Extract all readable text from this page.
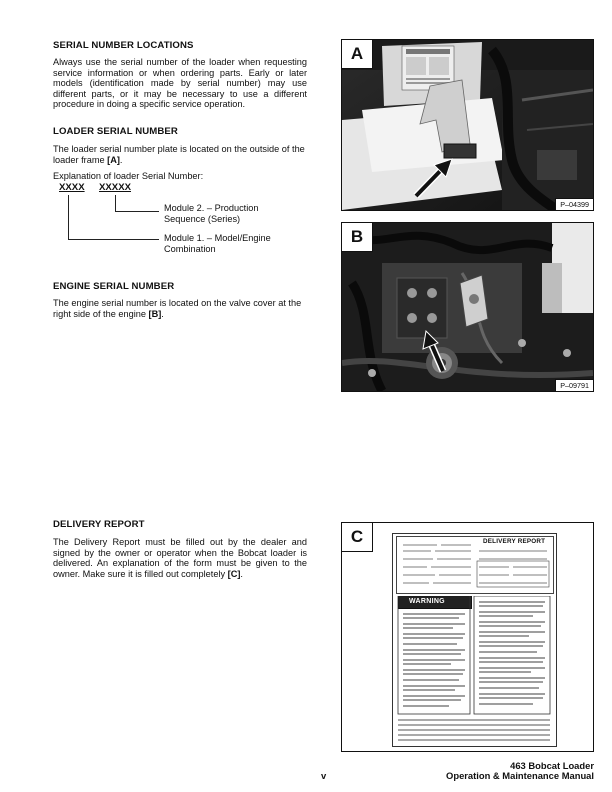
SERIAL NUMBER LOCATIONS
Always use the serial number of the loader when requesting service information or when ordering parts. Early or later models (identification made by serial number) may use different parts, or it may be necessary to use a different procedure in doing a specific service operation.
LOADER SERIAL NUMBER
The loader serial number plate is located on the outside of the loader frame [A].
Explanation of loader Serial Number:
XXXX XXXXX
Module 2. – Production
Sequence (Series)
Module 1. – Model/Engine
Combination
ENGINE SERIAL NUMBER
The engine serial number is located on the valve cover at the right side of the engine [B].
DELIVERY REPORT
The Delivery Report must be filled out by the dealer and signed by the owner or operator when the Bobcat loader is delivered. An explanation of the form must be given to the owner. Make sure it is filled out completely [C].
A
P–04399
B
P–09791
C	DELIVERY REPORT
WARNING
v
463 Bobcat Loader
Operation & Maintenance Manual
